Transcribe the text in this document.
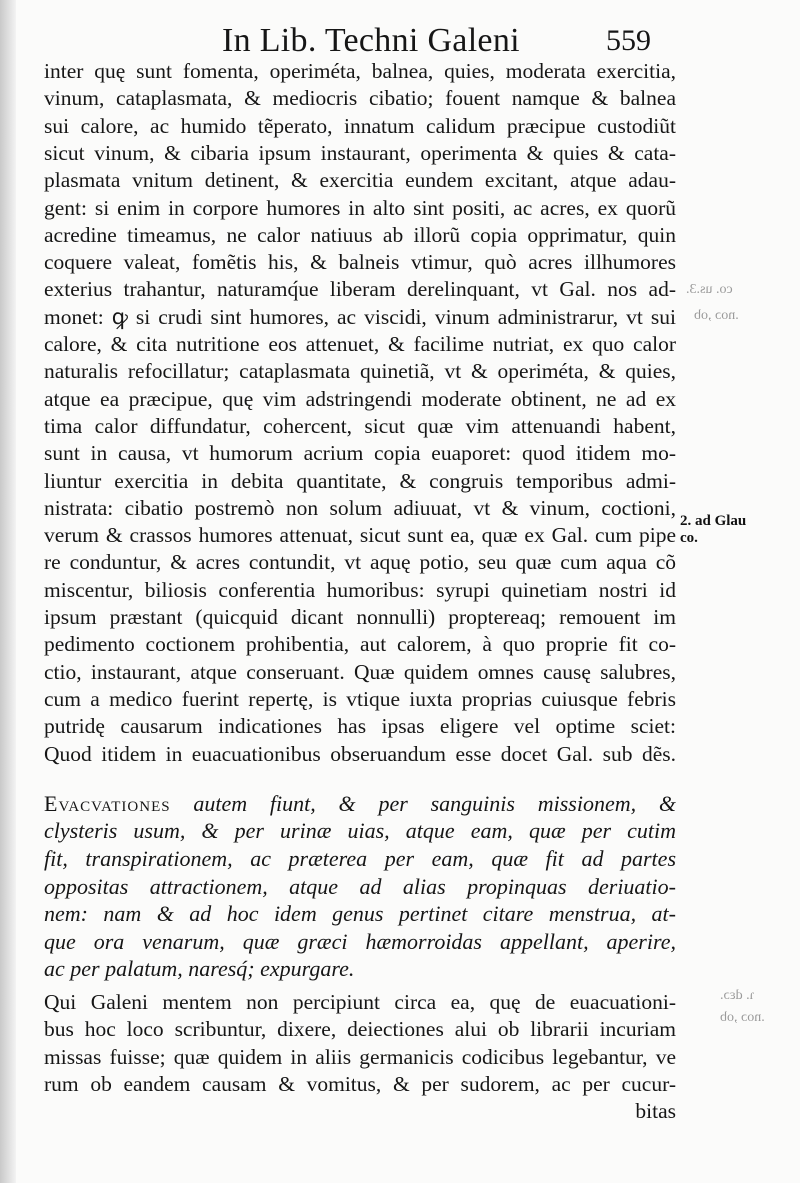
co. us.3.
.noɔ ,ob
ɿ. dεɔ.
.noɔ ,ob
In Lib. Techni Galeni	559
inter quę sunt fomenta, operiméta, balnea, quies, moderata exercitia,
vinum, cataplasmata, & mediocris cibatio; fouent namque & balnea
sui calore, ac humido tẽperato, innatum calidum præcipue custodiũt
sicut vinum, & cibaria ipsum instaurant, operimenta & quies & cata-
plasmata vnitum detinent, & exercitia eundem excitant, atque adau-
gent: si enim in corpore humores in alto sint positi, ac acres, ex quorũ
acredine timeamus, ne calor natiuus ab illorũ copia opprimatur, quin
coquere valeat, fomẽtis his, & balneis vtimur, quò acres illhumores
exterius trahantur, naturamq́ue liberam derelinquant, vt Gal. nos ad-
monet: ꝙ si crudi sint humores, ac viscidi, vinum administrarur, vt sui
calore, & cita nutritione eos attenuet, & facilime nutriat, ex quo calor
naturalis refocillatur; cataplasmata quinetiã, vt & operiméta, & quies,
atque ea præcipue, quę vim adstringendi moderate obtinent, ne ad ex
tima calor diffundatur, cohercent, sicut quæ vim attenuandi habent,
sunt in causa, vt humorum acrium copia euaporet: quod itidem mo-
liuntur exercitia in debita quantitate, & congruis temporibus admi-
nistrata: cibatio postremò non solum adiuuat, vt & vinum, coctioni,
verum & crassos humores attenuat, sicut sunt ea, quæ ex Gal. cum pipe
re conduntur, & acres contundit, vt aquę potio, seu quæ cum aqua cõ
miscentur, biliosis conferentia humoribus: syrupi quinetiam nostri id
ipsum præstant (quicquid dicant nonnulli) proptereaq; remouent im
pedimento coctionem prohibentia, aut calorem, à quo proprie fit co-
ctio, instaurant, atque conseruant. Quæ quidem omnes causę salubres,
cum a medico fuerint repertę, is vtique iuxta proprias cuiusque febris
putridę causarum indicationes has ipsas eligere vel optime sciet:
Quod itidem in euacuationibus obseruandum esse docet Gal. sub dẽs.
Evacvationes autem fiunt, & per sanguinis missionem, &
clysteris usum, & per urinæ uias, atque eam, quæ per cutim
fit, transpirationem, ac præterea per eam, quæ fit ad partes
oppositas attractionem, atque ad alias propinquas deriuatio-
nem: nam & ad hoc idem genus pertinet citare menstrua, at-
que ora venarum, quæ græci hæmorroidas appellant, aperire,
ac per palatum, naresq́; expurgare.
Qui Galeni mentem non percipiunt circa ea, quę de euacuationi-
bus hoc loco scribuntur, dixere, deiectiones alui ob librarii incuriam
missas fuisse; quæ quidem in aliis germanicis codicibus legebantur, ve
rum ob eandem causam & vomitus, & per sudorem, ac per cucur-
bitas
2. ad Glau
co.
